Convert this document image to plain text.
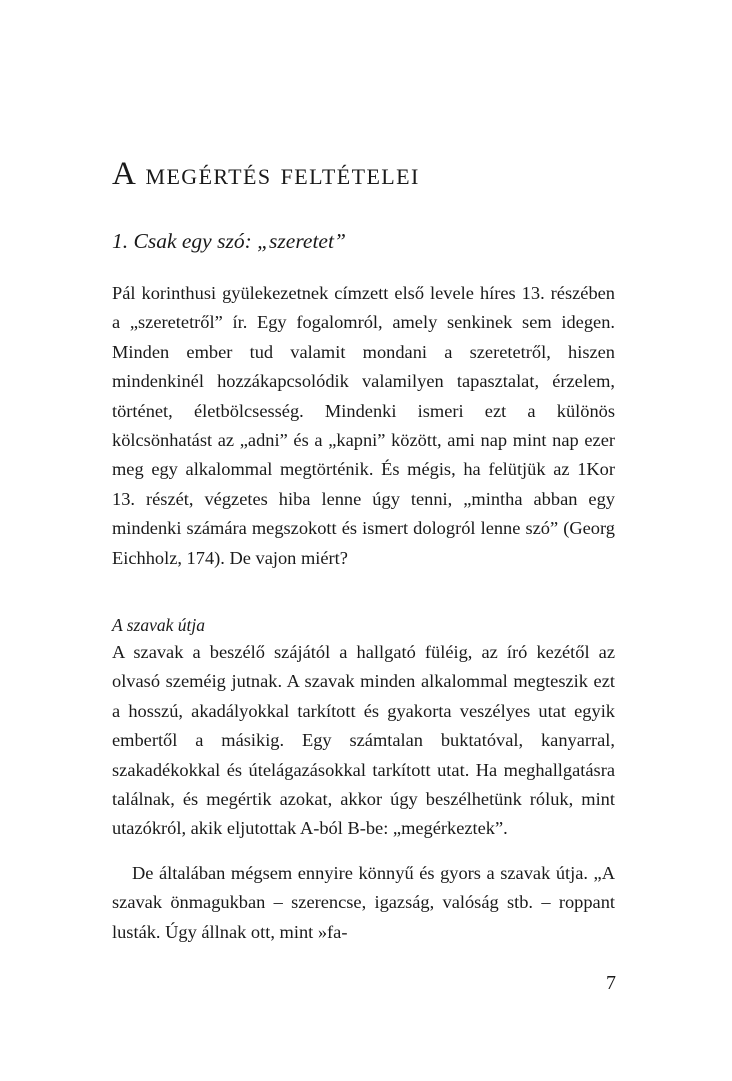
A megértés feltételei
1. Csak egy szó: „szeretet”

Pál korinthusi gyülekezetnek címzett első levele híres 13. részében a „szeretetről” ír. Egy fogalomról, amely senkinek sem idegen. Minden ember tud valamit mondani a szeretetről, hiszen mindenkinél hozzákapcsolódik valamilyen tapasztalat, érzelem, történet, életbölcsesség. Mindenki ismeri ezt a különös kölcsönhatást az „adni” és a „kapni” között, ami nap mint nap ezer meg egy alkalommal megtörténik. És mégis, ha felütjük az 1Kor 13. részét, végzetes hiba lenne úgy tenni, „mintha abban egy mindenki számára megszokott és ismert dologról lenne szó” (Georg Eichholz, 174). De vajon miért?

A szavak útja

A szavak a beszélő szájától a hallgató füléig, az író kezétől az olvasó szeméig jutnak. A szavak minden alkalommal megteszik ezt a hosszú, akadályokkal tarkított és gyakorta veszélyes utat egyik embertől a másikig. Egy számtalan buktatóval, kanyarral, szakadékokkal és útelágazásokkal tarkított utat. Ha meghallgatásra találnak, és megértik azokat, akkor úgy beszélhetünk róluk, mint utazókról, akik eljutottak A-ból B-be: „megérkeztek”.

De általában mégsem ennyire könnyű és gyors a szavak útja. „A szavak önmagukban – szerencse, igazság, valóság stb. – roppant lusták. Úgy állnak ott, mint »fa-

7
